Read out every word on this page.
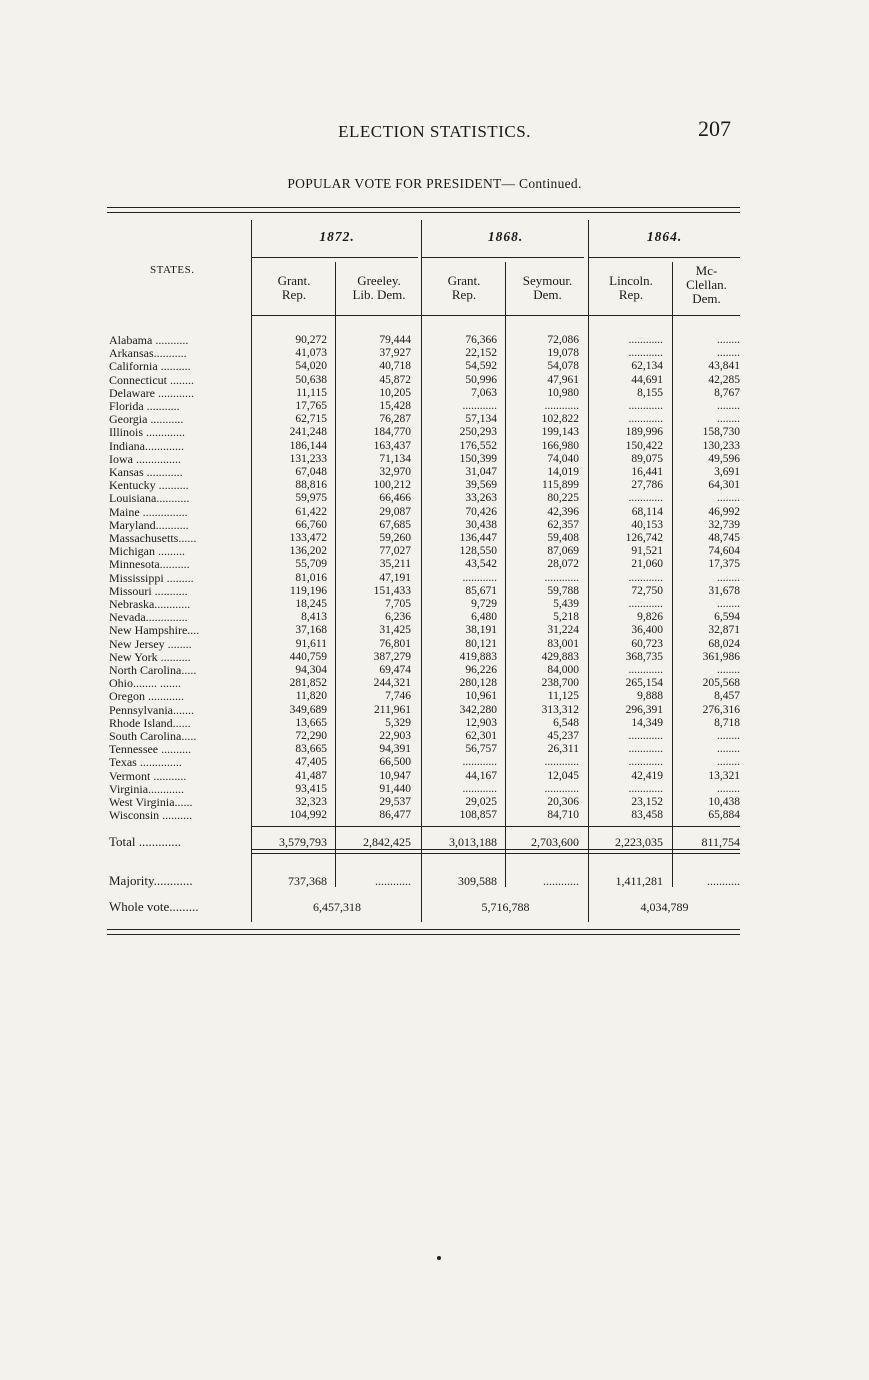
ELECTION STATISTICS.	207
POPULAR VOTE FOR PRESIDENT— Continued.
1872.	1868.	1864.
STATES.
Grant.
Rep.
Greeley.
Lib. Dem.
Grant.
Rep.
Seymour.
Dem.
Lincoln.
Rep.
Mc-
Clellan.
Dem.
Alabama ...........	90,272	79,444	76,366	72,086	............	........
Arkansas...........	41,073	37,927	22,152	19,078	............	........
California ..........	54,020	40,718	54,592	54,078	62,134	43,841
Connecticut ........	50,638	45,872	50,996	47,961	44,691	42,285
Delaware ............	11,115	10,205	7,063	10,980	8,155	8,767
Florida ...........	17,765	15,428	............	............	............	........
Georgia ...........	62,715	76,287	57,134	102,822	............	........
Illinois .............	241,248	184,770	250,293	199,143	189,996	158,730
Indiana.............	186,144	163,437	176,552	166,980	150,422	130,233
Iowa ...............	131,233	71,134	150,399	74,040	89,075	49,596
Kansas ............	67,048	32,970	31,047	14,019	16,441	3,691
Kentucky ..........	88,816	100,212	39,569	115,899	27,786	64,301
Louisiana...........	59,975	66,466	33,263	80,225	............	........
Maine ...............	61,422	29,087	70,426	42,396	68,114	46,992
Maryland...........	66,760	67,685	30,438	62,357	40,153	32,739
Massachusetts......	133,472	59,260	136,447	59,408	126,742	48,745
Michigan .........	136,202	77,027	128,550	87,069	91,521	74,604
Minnesota..........	55,709	35,211	43,542	28,072	21,060	17,375
Mississippi .........	81,016	47,191	............	............	............	........
Missouri ...........	119,196	151,433	85,671	59,788	72,750	31,678
Nebraska............	18,245	7,705	9,729	5,439	............	........
Nevada..............	8,413	6,236	6,480	5,218	9,826	6,594
New Hampshire....	37,168	31,425	38,191	31,224	36,400	32,871
New Jersey ........	91,611	76,801	80,121	83,001	60,723	68,024
New York ..........	440,759	387,279	419,883	429,883	368,735	361,986
North Carolina.....	94,304	69,474	96,226	84,000	............	........
Ohio........ .......	281,852	244,321	280,128	238,700	265,154	205,568
Oregon ............	11,820	7,746	10,961	11,125	9,888	8,457
Pennsylvania.......	349,689	211,961	342,280	313,312	296,391	276,316
Rhode Island......	13,665	5,329	12,903	6,548	14,349	8,718
South Carolina.....	72,290	22,903	62,301	45,237	............	........
Tennessee ..........	83,665	94,391	56,757	26,311	............	........
Texas ..............	47,405	66,500	............	............	............	........
Vermont ...........	41,487	10,947	44,167	12,045	42,419	13,321
Virginia............	93,415	91,440	............	............	............	........
West Virginia......	32,323	29,537	29,025	20,306	23,152	10,438
Wisconsin ..........	104,992	86,477	108,857	84,710	83,458	65,884
Total .............	3,579,793	2,842,425	3,013,188	2,703,600	2,223,035	811,754
Majority............	737,368	............	309,588	............	1,411,281	...........
Whole vote.........	6,457,318	5,716,788	4,034,789
